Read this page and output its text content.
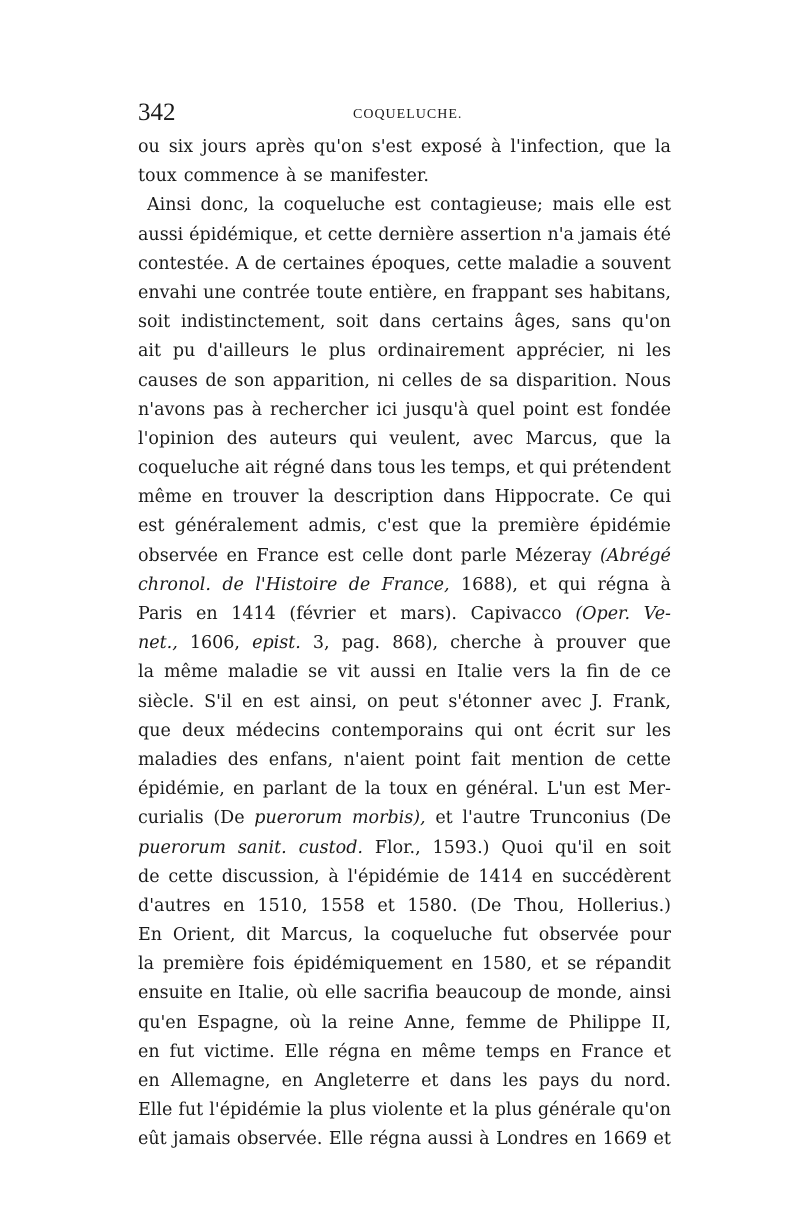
342	COQUELUCHE.
ou six jours après qu'on s'est exposé à l'infection, que la
toux commence à se manifester.
Ainsi donc, la coqueluche est contagieuse; mais elle est
aussi épidémique, et cette dernière assertion n'a jamais été
contestée. A de certaines époques, cette maladie a souvent
envahi une contrée toute entière, en frappant ses habitans,
soit indistinctement, soit dans certains âges, sans qu'on
ait pu d'ailleurs le plus ordinairement apprécier, ni les
causes de son apparition, ni celles de sa disparition. Nous
n'avons pas à rechercher ici jusqu'à quel point est fondée
l'opinion des auteurs qui veulent, avec Marcus, que la
coqueluche ait régné dans tous les temps, et qui prétendent
même en trouver la description dans Hippocrate. Ce qui
est généralement admis, c'est que la première épidémie
observée en France est celle dont parle Mézeray (Abrégé
chronol. de l'Histoire de France, 1688), et qui régna à
Paris en 1414 (février et mars). Capivacco (Oper. Ve-
net., 1606, epist. 3, pag. 868), cherche à prouver que
la même maladie se vit aussi en Italie vers la fin de ce
siècle. S'il en est ainsi, on peut s'étonner avec J. Frank,
que deux médecins contemporains qui ont écrit sur les
maladies des enfans, n'aient point fait mention de cette
épidémie, en parlant de la toux en général. L'un est Mer-
curialis (De puerorum morbis), et l'autre Trunconius (De
puerorum sanit. custod. Flor., 1593.) Quoi qu'il en soit
de cette discussion, à l'épidémie de 1414 en succédèrent
d'autres en 1510, 1558 et 1580. (De Thou, Hollerius.)
En Orient, dit Marcus, la coqueluche fut observée pour
la première fois épidémiquement en 1580, et se répandit
ensuite en Italie, où elle sacrifia beaucoup de monde, ainsi
qu'en Espagne, où la reine Anne, femme de Philippe II,
en fut victime. Elle régna en même temps en France et
en Allemagne, en Angleterre et dans les pays du nord.
Elle fut l'épidémie la plus violente et la plus générale qu'on
eût jamais observée. Elle régna aussi à Londres en 1669 et
